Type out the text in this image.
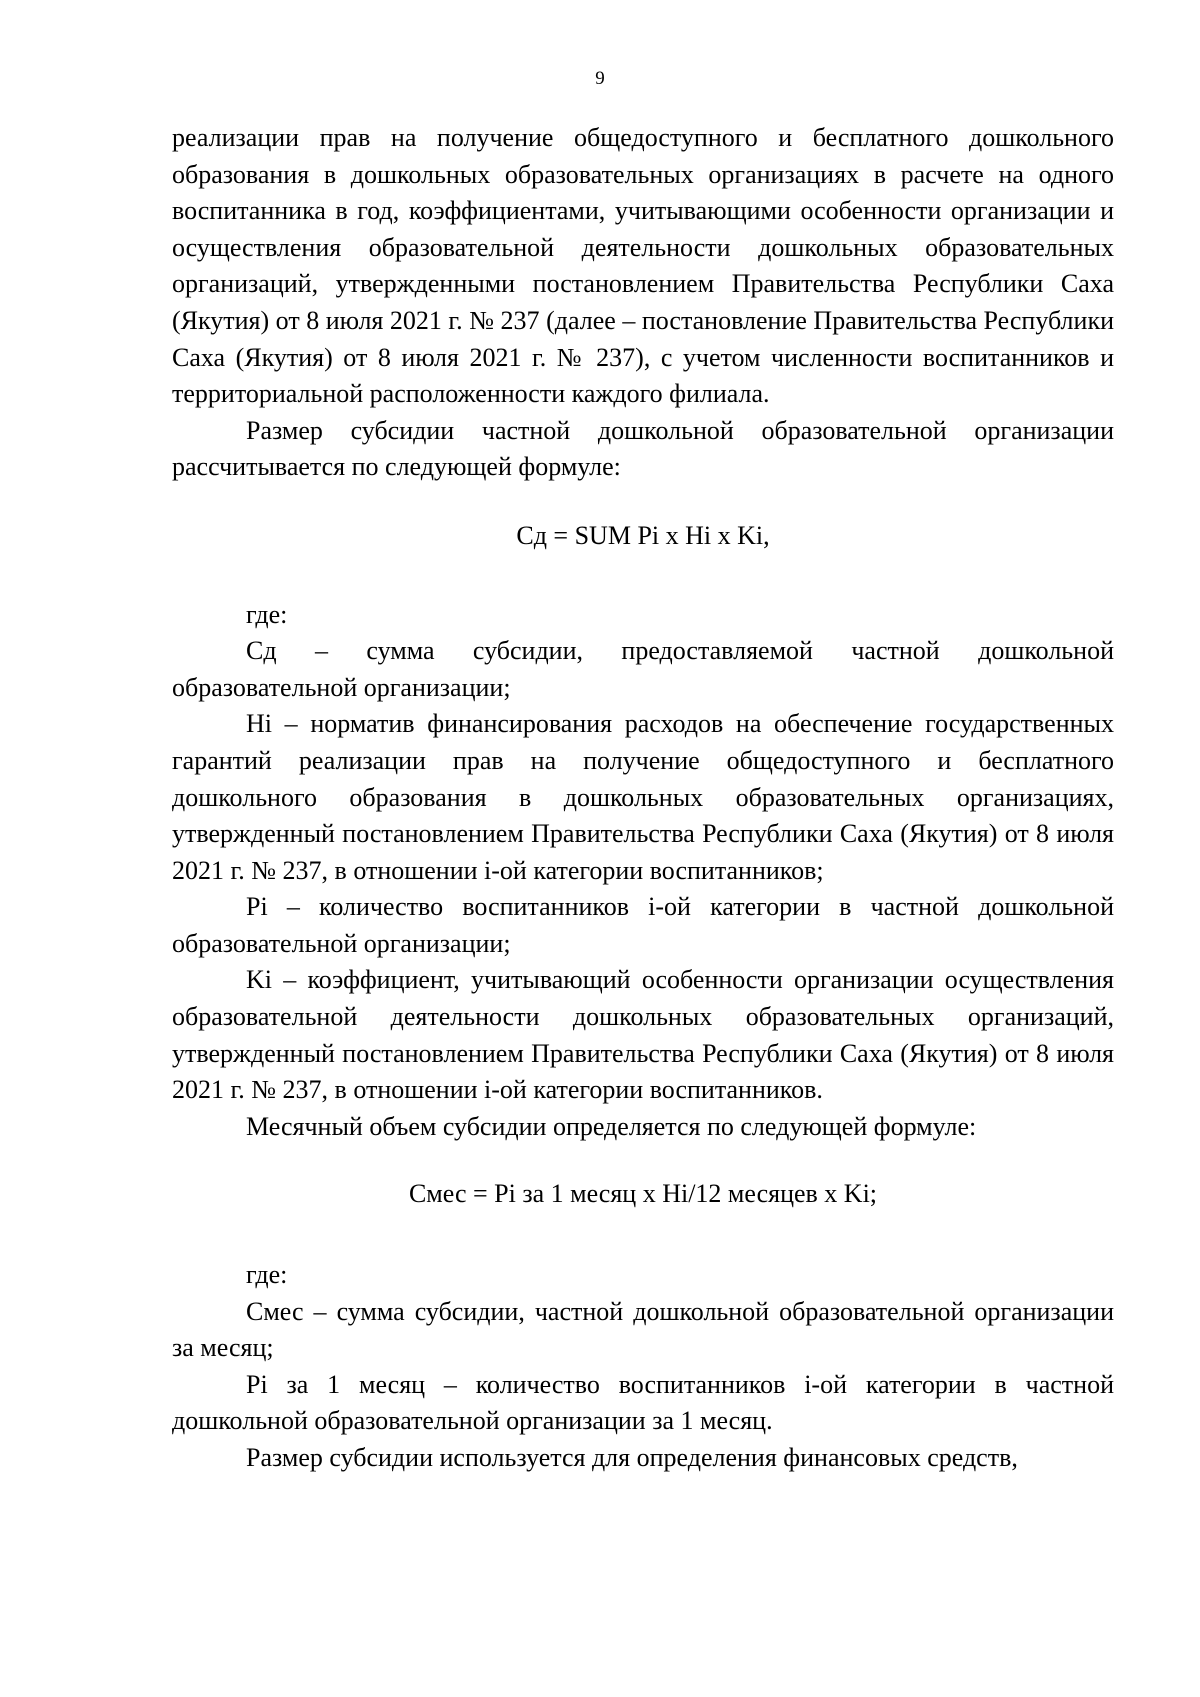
9

реализации прав на получение общедоступного и бесплатного дошкольного образования в дошкольных образовательных организациях в расчете на одного воспитанника в год, коэффициентами, учитывающими особенности организации и осуществления образовательной деятельности дошкольных образовательных организаций, утвержденными постановлением Правительства Республики Саха (Якутия) от 8 июля 2021 г. № 237 (далее – постановление Правительства Республики Саха (Якутия) от 8 июля 2021 г. № 237), с учетом численности воспитанников и территориальной расположенности каждого филиала.

Размер субсидии частной дошкольной образовательной организации рассчитывается по следующей формуле:

Сд = SUM Pi x Hi x Ki,

где:

Сд – сумма субсидии, предоставляемой частной дошкольной образовательной организации;

Hi – норматив финансирования расходов на обеспечение государственных гарантий реализации прав на получение общедоступного и бесплатного дошкольного образования в дошкольных образовательных организациях, утвержденный постановлением Правительства Республики Саха (Якутия) от 8 июля 2021 г. № 237, в отношении i-ой категории воспитанников;

Pi – количество воспитанников i-ой категории в частной дошкольной образовательной организации;

Ki – коэффициент, учитывающий особенности организации осуществления образовательной деятельности дошкольных образовательных организаций, утвержденный постановлением Правительства Республики Саха (Якутия) от 8 июля 2021 г. № 237, в отношении i-ой категории воспитанников.

Месячный объем субсидии определяется по следующей формуле:

Смес = Pi за 1 месяц x Hi/12 месяцев x Ki;

где:

Смес – сумма субсидии, частной дошкольной образовательной организации за месяц;

Pi за 1 месяц – количество воспитанников i-ой категории в частной дошкольной образовательной организации за 1 месяц.

Размер субсидии используется для определения финансовых средств,
